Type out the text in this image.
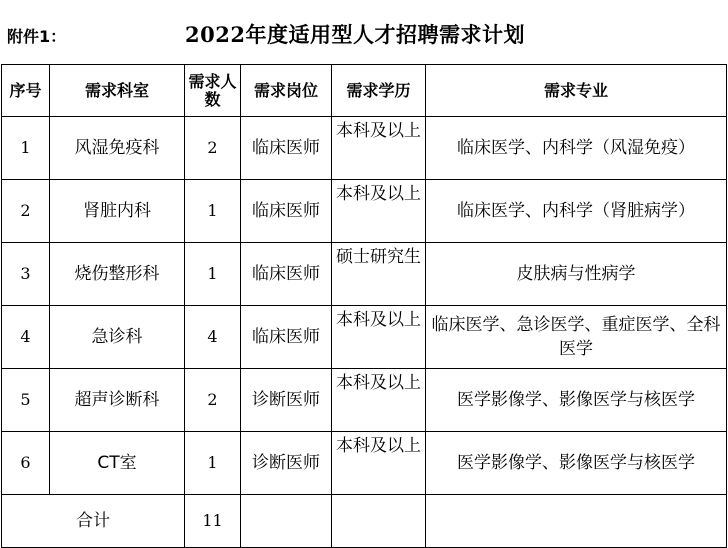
附件1：	2022年度适用型人才招聘需求计划
序号	需求科室	需求人数	需求岗位	需求学历	需求专业
1	风湿免疫科	2	临床医师	本科及以上	临床医学、内科学（风湿免疫）
2	肾脏内科	1	临床医师	本科及以上	临床医学、内科学（肾脏病学）
3	烧伤整形科	1	临床医师	硕士研究生	皮肤病与性病学
4	急诊科	4	临床医师	本科及以上	临床医学、急诊医学、重症医学、全科医学
5	超声诊断科	2	诊断医师	本科及以上	医学影像学、影像医学与核医学
6	CT室	1	诊断医师	本科及以上	医学影像学、影像医学与核医学
合计		11			
